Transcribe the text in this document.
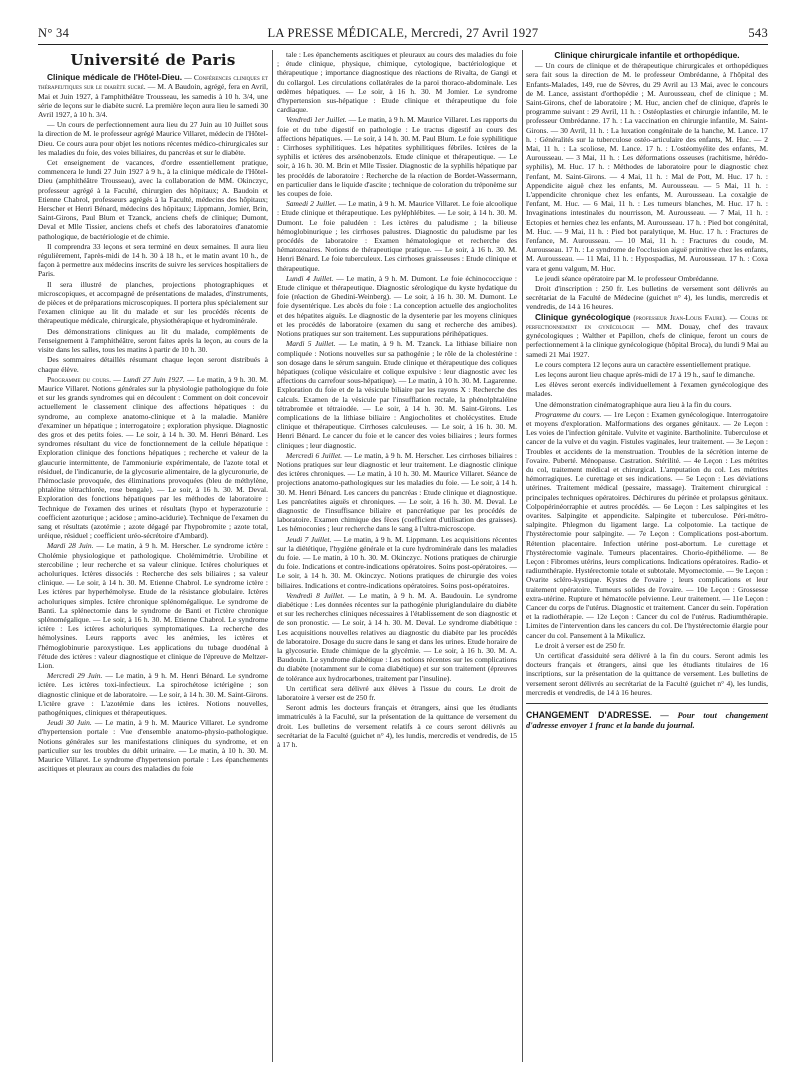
N° 34	LA PRESSE MÉDICALE, Mercredi, 27 Avril 1927	543
Université de Paris

Clinique médicale de l'Hôtel-Dieu. — Conférences cliniques et thérapeutiques sur le diabète sucré. — M. A Baudoin, agrégé, fera en Avril, Mai et Juin 1927, à l'amphithéâtre Trousseau, les samedis à 10 h. 3/4, une série de leçons sur le diabète sucré. La première leçon aura lieu le samedi 30 Avril 1927, à 10 h. 3/4.

— Un cours de perfectionnement aura lieu du 27 Juin au 10 Juillet sous la direction de M. le professeur agrégé Maurice Villaret, médecin de l'Hôtel-Dieu. Ce cours aura pour objet les notions récentes médico-chirurgicales sur les maladies du foie, des voies biliaires, du pancréas et sur le diabète.

Cet enseignement de vacances, d'ordre essentiellement pratique, commencera le lundi 27 Juin 1927 à 9 h., à la clinique médicale de l'Hôtel-Dieu (amphithéâtre Trousseau), avec la collaboration de MM. Okinczyc, professeur agrégé à la Faculté, chirurgien des hôpitaux; A. Baudoin et Etienne Chabrol, professeurs agrégés à la Faculté, médecins des hôpitaux; Herscher et Henri Bénard, médecins des hôpitaux; Lippmann, Jomier, Brin, Saint-Girons, Paul Blum et Tzanck, anciens chefs de clinique; Dumont, Deval et Mlle Tissier, anciens chefs et chefs des laboratoires d'anatomie pathologique, de bactériologie et de chimie.

Il comprendra 33 leçons et sera terminé en deux semaines. Il aura lieu régulièrement, l'après-midi de 14 h. 30 à 18 h., et le matin avant 10 h., de façon à permettre aux médecins inscrits de suivre les services hospitaliers de Paris.

Il sera illustré de planches, projections photographiques et microscopiques, et accompagné de présentations de malades, d'instruments, de pièces et de préparations microscopiques. Il portera plus spécialement sur l'examen clinique au lit du malade et sur les procédés récents de thérapeutique médicale, chirurgicale, physiothérapique et hydrominérale.

Des démonstrations cliniques au lit du malade, compléments de l'enseignement à l'amphithéâtre, seront faites après la leçon, au cours de la visite dans les salles, tous les matins à partir de 10 h. 30.

Des sommaires détaillés résumant chaque leçon seront distribués à chaque élève.

Programme du cours. — Lundi 27 Juin 1927. — Le matin, à 9 h. 30. M. Maurice Villaret. Notions générales sur la physiologie pathologique du foie et sur les grands syndromes qui en découlent : Comment on doit concevoir actuellement le classement clinique des affections hépatiques : du syndrome, au complexe anatomo-clinique et à la maladie. Manière d'examiner un hépatique ; interrogatoire ; exploration physique. Diagnostic des gros et des petits foies. — Le soir, à 14 h. 30. M. Henri Bénard. Les syndromes résultant du vice de fonctionnement de la cellule hépatique : Exploration clinique des fonctions hépatiques ; recherche et valeur de la glaucurie intermittente, de l'ammoniurie expérimentale, de l'azote total et résiduel, de l'indicanurie, de la glycosurie alimentaire, de la glycuronurie, de l'hémoclasie provoquée, des éliminations provoquées (bleu de méthylène, phtaléine tétrachlorée, rose bengale). — Le soir, à 16 h. 30. M. Deval. Exploration des fonctions hépatiques par les méthodes de laboratoire : Technique de l'examen des urines et résultats (hypo et hyperazoturie : coefficient azoturique ; acidose ; amino-acidurie). Technique de l'examen du sang et résultats (azotémie ; azote dégagé par l'hypobromite ; azote total, uréique, résiduel ; coefficient uréo-sécrétoire d'Ambard).

Mardi 28 Juin. — Le matin, à 9 h. M. Herscher. Le syndrome ictère : Cholémie physiologique et pathologique. Cholémimétrie. Urobiline et stercobiline ; leur recherche et sa valeur clinique. Ictères choluriques et acholuriques. Ictères dissociés : Recherche des sels biliaires ; sa valeur clinique. — Le soir, à 14 h. 30. M. Etienne Chabrol. Le syndrome ictère : Les ictères par hyperhémolyse. Etude de la résistance globulaire. Ictères acholuriques simples. Ictère chronique splénomégalique. Le syndrome de Banti. La splénectomie dans le syndrome de Banti et l'ictère chronique splénomégalique. — Le soir, à 16 h. 30. M. Etienne Chabrol. Le syndrome ictère : Les ictères acholuriques symptomatiques. La recherche des hémolysines. Leurs rapports avec les anémies, les ictères et l'hémoglobinurie paroxystique. Les applications du tubage duodénal à l'étude des ictères : valeur diagnostique et clinique de l'épreuve de Meltzer-Lion.

Mercredi 29 Juin. — Le matin, à 9 h. M. Henri Bénard. Le syndrome ictère. Les ictères toxi-infectieux. La spirochétose ictérigène ; son diagnostic clinique et de laboratoire. — Le soir, à 14 h. 30. M. Saint-Girons. L'ictère grave : L'azotémie dans les ictères. Notions nouvelles, pathogéniques, cliniques et thérapeutiques.

Jeudi 30 Juin. — Le matin, à 9 h. M. Maurice Villaret. Le syndrome d'hypertension portale : Vue d'ensemble anatomo-physio-pathologique. Notions générales sur les manifestations cliniques du syndrome, et en particulier sur les troubles du débit urinaire. — Le matin, à 10 h. 30. M. Maurice Villaret. Le syndrome d'hypertension portale : Les épanchements ascitiques et pleuraux au cours des maladies du foie

tale : Les épanchements ascitiques et pleuraux au cours des maladies du foie ; étude clinique, physique, chimique, cytologique, bactériologique et thérapeutique ; importance diagnostique des réactions de Rivalta, de Gangi et du collargol. Les circulations collatérales de la paroi thoraco-abdominale. Les œdèmes hépatiques. — Le soir, à 16 h. 30. M Jomier. Le syndrome d'hypertension sus-hépatique : Etude clinique et thérapeutique du foie cardiaque.

Vendredi 1er Juillet. — Le matin, à 9 h. M. Maurice Villaret. Les rapports du foie et du tube digestif en pathologie : Le tractus digestif au cours des affections hépatiques. — Le soir, à 14 h. 30. M. Paul Blum. Le foie syphilitique : Cirrhoses syphilitiques. Les hépatites syphilitiques fébriles. Ictères de la syphilis et ictères des arsénobenzols. Etude clinique et thérapeutique. — Le soir, à 16 h. 30. M. Brin et Mlle Tissier. Diagnostic de la syphilis hépatique par les procédés de laboratoire : Recherche de la réaction de Bordet-Wassermann, en particulier dans le liquide d'ascite ; technique de coloration du tréponème sur les coupes de foie.

Samedi 2 Juillet. — Le matin, à 9 h. M. Maurice Villaret. Le foie alcoolique : Etude clinique et thérapeutique. Les pyléphlébites. — Le soir, à 14 h. 30. M. Dumont. Le foie paludéen : Les ictères du paludisme ; la bilieuse hémoglobinurique ; les cirrhoses palustres. Diagnostic du paludisme par les procédés de laboratoire : Examen hématologique et recherche des hématozoaires. Notions de thérapeutique pratique. — Le soir, à 16 h. 30. M. Henri Bénard. Le foie tuberculeux. Les cirrhoses graisseuses : Etude clinique et thérapeutique.

Lundi 4 Juillet. — Le matin, à 9 h. M. Dumont. Le foie échinococcique : Etude clinique et thérapeutique. Diagnostic sérologique du kyste hydatique du foie (réaction de Ghedini-Weinberg). — Le soir, à 16 h. 30. M. Dumont. Le foie dysentérique. Les abcès du foie : La conception actuelle des angiocholites et des hépatites aiguës. Le diagnostic de la dysenterie par les moyens cliniques et les procédés de laboratoire (examen du sang et recherche des amibes). Notions pratiques sur son traitement. Les suppurations périhépatiques.

Mardi 5 Juillet. — Le matin, à 9 h. M. Tzanck. La lithiase biliaire non compliquée : Notions nouvelles sur sa pathogénie ; le rôle de la cholestérine : son dosage dans le sérum sanguin. Etude clinique et thérapeutique des coliques hépatiques (colique vésiculaire et colique expulsive : leur diagnostic avec les affections du carrefour sous-hépatique). — Le matin, à 10 h. 30. M. Lagarenne. Exploration du foie et de la vésicule biliaire par les rayons X : Recherche des calculs. Examen de la vésicule par l'insufflation rectale, la phénolphtaléine tétrabromée et tétraiodée. — Le soir, à 14 h. 30. M. Saint-Girons. Les complications de la lithiase biliaire : Angiocholites et cholécystites. Etude clinique et thérapeutique. Cirrhoses calculeuses. — Le soir, à 16 h. 30. M. Henri Bénard. Le cancer du foie et le cancer des voies biliaires ; leurs formes cliniques ; leur diagnostic.

Mercredi 6 Juillet. — Le matin, à 9 h. M. Herscher. Les cirrhoses biliaires : Notions pratiques sur leur diagnostic et leur traitement. Le diagnostic clinique des ictères chroniques. — Le matin, à 10 h. 30. M. Maurice Villaret. Séance de projections anatomo-pathologiques sur les maladies du foie. — Le soir, à 14 h. 30. M. Henri Bénard. Les cancers du pancréas : Etude clinique et diagnostique. Les pancréatites aiguës et chroniques. — Le soir, à 16 h. 30. M. Deval. Le diagnostic de l'insuffisance biliaire et pancréatique par les procédés de laboratoire. Examen chimique des fèces (coefficient d'utilisation des graisses). Les hémoconies ; leur recherche dans le sang à l'ultra-microscope.

Jeudi 7 Juillet. — Le matin, à 9 h. M. Lippmann. Les acquisitions récentes sur la diététique, l'hygiène générale et la cure hydrominérale dans les maladies du foie. — Le matin, à 10 h. 30. M. Okinczyc. Notions pratiques de chirurgie du foie. Indications et contre-indications opératoires. Soins post-opératoires. — Le soir, à 14 h. 30. M. Okinczyc. Notions pratiques de chirurgie des voies biliaires. Indications et contre-indications opératoires. Soins post-opératoires.

Vendredi 8 Juillet. — Le matin, à 9 h. M. A. Baudouin. Le syndrome diabétique : Les données récentes sur la pathogénie pluriglandulaire du diabète et sur les recherches cliniques nécessaires à l'établissement de son diagnostic et de son pronostic. — Le soir, à 14 h. 30. M. Deval. Le syndrome diabétique : Les acquisitions nouvelles relatives au diagnostic du diabète par les procédés de laboratoire. Dosage du sucre dans le sang et dans les urines. Etude horaire de la glycosurie. Etude chimique de la glycémie. — Le soir, à 16 h. 30. M. A. Baudouin. Le syndrome diabétique : Les notions récentes sur les complications du diabète (notamment sur le coma diabétique) et sur son traitement (épreuves de tolérance aux hydrocarbones, traitement par l'insuline).

Un certificat sera délivré aux élèves à l'issue du cours. Le droit de laboratoire à verser est de 250 fr.

Seront admis les docteurs français et étrangers, ainsi que les étudiants immatriculés à la Faculté, sur la présentation de la quittance de versement du droit. Les bulletins de versement relatifs à ce cours seront délivrés au secrétariat de la Faculté (guichet n° 4), les lundis, mercredis et vendredis, de 15 à 17 h.

Clinique chirurgicale infantile et orthopédique.

— Un cours de clinique et de thérapeutique chirurgicales et orthopédiques sera fait sous la direction de M. le professeur Ombrédanne, à l'hôpital des Enfants-Malades, 149, rue de Sèvres, du 29 Avril au 13 Mai, avec le concours de M. Lance, assistant d'orthopédie ; M. Aurousseau, chef de clinique ; M. Saint-Girons, chef de laboratoire ; M. Huc, ancien chef de clinique, d'après le programme suivant : 29 Avril, 11 h. : Ostéoplasties et chirurgie infantile, M. le professeur Ombrédanne. 17 h. : La vaccination en chirurgie infantile, M. Saint-Girons. — 30 Avril, 11 h. : La luxation congénitale de la hanche, M. Lance. 17 h. : Généralités sur la tuberculose ostéo-articulaire des enfants, M. Huc. — 2 Mai, 11 h. : La scoliose, M. Lance. 17 h. : L'ostéomyélite des enfants, M. Aurousseau. — 3 Mai, 11 h. : Les déformations osseuses (rachitisme, hérédo-syphilis), M. Huc. 17 h. : Méthodes de laboratoire pour le diagnostic chez l'enfant, M. Saint-Girons. — 4 Mai, 11 h. : Mal de Pott, M. Huc. 17 h. : Appendicite aiguë chez les enfants, M. Aurousseau. — 5 Mai, 11 h. : L'appendicite chronique chez les enfants, M. Aurousseau. La coxalgie de l'enfant, M. Huc. — 6 Mai, 11 h. : Les tumeurs blanches, M. Huc. 17 h. : Invaginations intestinales du nourrisson, M. Aurousseau. — 7 Mai, 11 h. : Ectopies et hernies chez les enfants, M. Aurousseau. 17 h. : Pied bot congénital, M. Huc. — 9 Mai, 11 h. : Pied bot paralytique, M. Huc. 17 h. : Fractures de l'enfance, M. Aurousseau. — 10 Mai, 11 h. : Fractures du coude, M. Aurousseau. 17 h. : Le syndrome de l'occlusion aiguë primitive chez les enfants, M. Aurousseau. — 11 Mai, 11 h. : Hypospadias, M. Aurousseau. 17 h. : Coxa vara et genu valgum, M. Huc.

Le jeudi séance opératoire par M. le professeur Ombrédanne.

Droit d'inscription : 250 fr. Les bulletins de versement sont délivrés au secrétariat de la Faculté de Médecine (guichet n° 4), les lundis, mercredis et vendredis, de 14 à 16 heures.

Clinique gynécologique (professeur Jean-Louis Faure). — Cours de perfectionnement en gynécologie — MM. Douay, chef des travaux gynécologiques ; Walther et Papillon, chefs de clinique, feront un cours de perfectionnement à la clinique gynécologique (hôpital Broca), du lundi 9 Mai au samedi 21 Mai 1927.

Le cours comptera 12 leçons aura un caractère essentiellement pratique.

Les leçons auront lieu chaque après-midi de 17 à 19 h., sauf le dimanche.

Les élèves seront exercés individuellement à l'examen gynécologique des malades.

Une démonstration cinématographique aura lieu à la fin du cours.

Programme du cours. — 1re Leçon : Examen gynécologique. Interrogatoire et moyens d'exploration. Malformations des organes génitaux. — 2e Leçon : Les voies de l'infection génitale. Vulvite et vaginite. Bartholinite. Tuberculose et cancer de la vulve et du vagin. Fistules vaginales, leur traitement. — 3e Leçon : Troubles et accidents de la menstruation. Troubles de la sécrétion interne de l'ovaire. Puberté. Ménopause. Castration. Stérilité. — 4e Leçon : Les métrites du col, traitement médical et chirurgical. L'amputation du col. Les métrites hémorragiques. Le curettage et ses indications. — 5e Leçon : Les déviations utérines. Traitement médical (pessaire, massage). Traitement chirurgical : principales techniques opératoires. Déchirures du périnée et prolapsus génitaux. Colpopérinéorraphie et autres procédés. — 6e Leçon : Les salpingites et les ovarites. Salpingite et appendicite. Salpingite et tuberculose. Péri-métro-salpingite. Phlegmon du ligament large. La colpotomie. La tactique de l'hystérectomie pour salpingite. — 7e Leçon : Complications post-abortum. Rétention placentaire. Infection utérine post-abortum. Le curettage et l'hystérectomie vaginale. Tumeurs placentaires. Chorio-épithéliome. — 8e Leçon : Fibromes utérins, leurs complications. Indications opératoires. Radio- et radiumthérapie. Hystérectomie totale et subtotale. Myomectomie. — 9e Leçon : Ovarite scléro-kystique. Kystes de l'ovaire ; leurs complications et leur traitement opératoire. Tumeurs solides de l'ovaire. — 10e Leçon : Grossesse extra-utérine. Rupture et hématocèle pelvienne. Leur traitement. — 11e Leçon : Cancer du corps de l'utérus. Diagnostic et traitement. Cancer du sein. l'opération et la radiothérapie. — 12e Leçon : Cancer du col de l'utérus. Radiumthérapie. Limites de l'intervention dans les cancers du col. De l'hystérectomie élargie pour cancer du col. Pansement à la Mikulicz.

Le droit à verser est de 250 fr.

Un certificat d'assiduité sera délivré à la fin du cours. Seront admis les docteurs français et étrangers, ainsi que les étudiants titulaires de 16 inscriptions, sur la présentation de la quittance de versement. Les bulletins de versement seront délivrés au secrétariat de la Faculté (guichet n° 4), les lundis, mercredis et vendredis, de 14 à 16 heures.

CHANGEMENT D'ADRESSE. — Pour tout changement d'adresse envoyer 1 franc et la bande du journal.
